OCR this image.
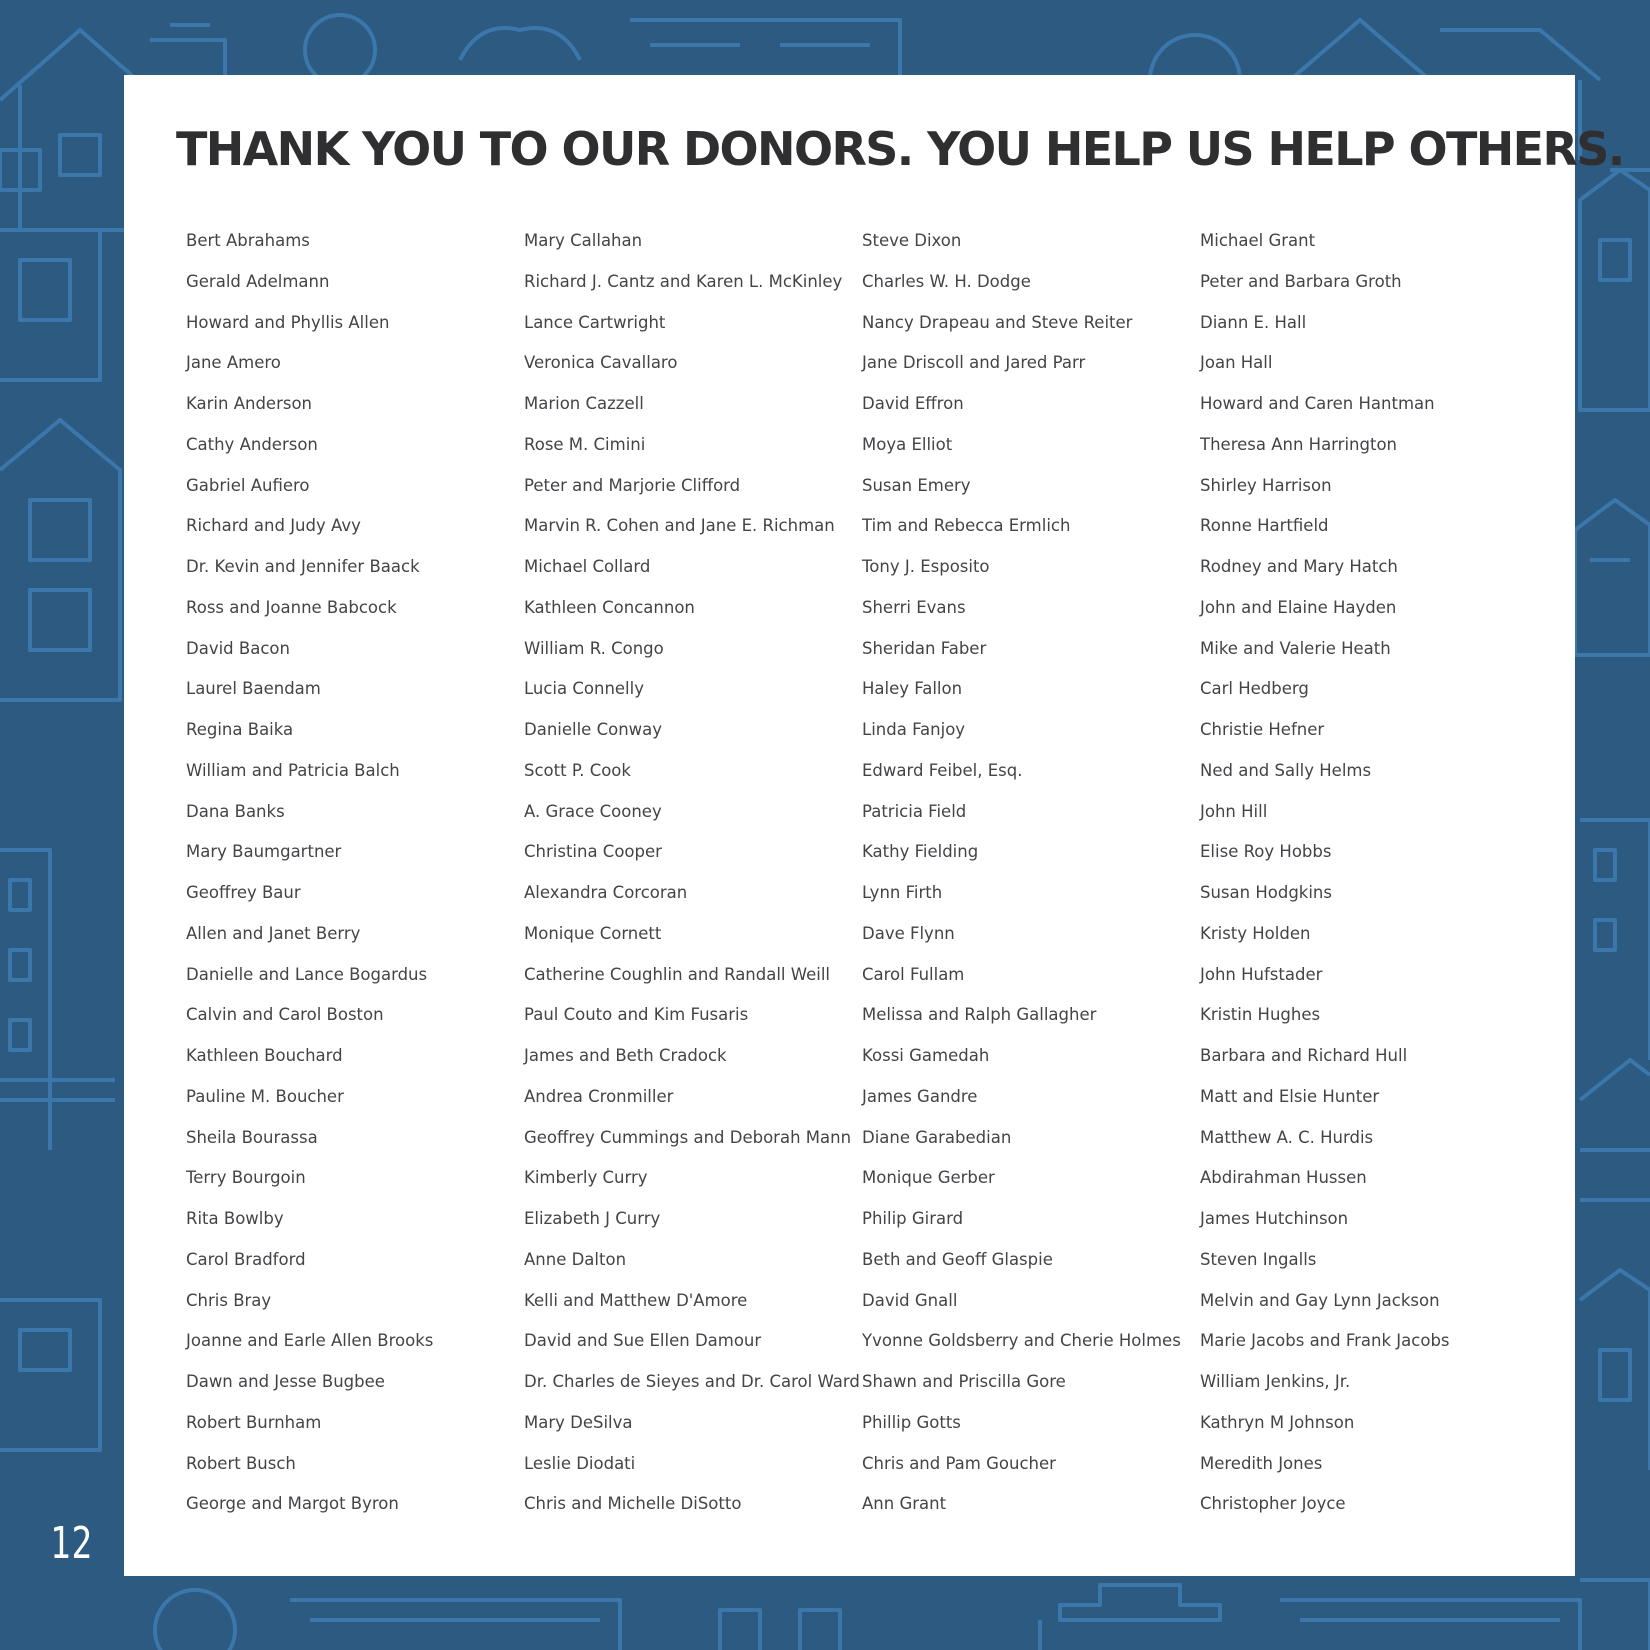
THANK YOU TO OUR DONORS. YOU HELP US HELP OTHERS.
Bert Abrahams
Gerald Adelmann
Howard and Phyllis Allen
Jane Amero
Karin Anderson
Cathy Anderson
Gabriel Aufiero
Richard and Judy Avy
Dr. Kevin and Jennifer Baack
Ross and Joanne Babcock
David Bacon
Laurel Baendam
Regina Baika
William and Patricia Balch
Dana Banks
Mary Baumgartner
Geoffrey Baur
Allen and Janet Berry
Danielle and Lance Bogardus
Calvin and Carol Boston
Kathleen Bouchard
Pauline M. Boucher
Sheila Bourassa
Terry Bourgoin
Rita Bowlby
Carol Bradford
Chris Bray
Joanne and Earle Allen Brooks
Dawn and Jesse Bugbee
Robert Burnham
Robert Busch
George and Margot Byron
Mary Callahan
Richard J. Cantz and Karen L. McKinley
Lance Cartwright
Veronica Cavallaro
Marion Cazzell
Rose M. Cimini
Peter and Marjorie Clifford
Marvin R. Cohen and Jane E. Richman
Michael Collard
Kathleen Concannon
William R. Congo
Lucia Connelly
Danielle Conway
Scott P. Cook
A. Grace Cooney
Christina Cooper
Alexandra Corcoran
Monique Cornett
Catherine Coughlin and Randall Weill
Paul Couto and Kim Fusaris
James and Beth Cradock
Andrea Cronmiller
Geoffrey Cummings and Deborah Mann
Kimberly Curry
Elizabeth J Curry
Anne Dalton
Kelli and Matthew D'Amore
David and Sue Ellen Damour
Dr. Charles de Sieyes and Dr. Carol Ward
Mary DeSilva
Leslie Diodati
Chris and Michelle DiSotto
Steve Dixon
Charles W. H. Dodge
Nancy Drapeau and Steve Reiter
Jane Driscoll and Jared Parr
David Effron
Moya Elliot
Susan Emery
Tim and Rebecca Ermlich
Tony J. Esposito
Sherri Evans
Sheridan Faber
Haley Fallon
Linda Fanjoy
Edward Feibel, Esq.
Patricia Field
Kathy Fielding
Lynn Firth
Dave Flynn
Carol Fullam
Melissa and Ralph Gallagher
Kossi Gamedah
James Gandre
Diane Garabedian
Monique Gerber
Philip Girard
Beth and Geoff Glaspie
David Gnall
Yvonne Goldsberry and Cherie Holmes
Shawn and Priscilla Gore
Phillip Gotts
Chris and Pam Goucher
Ann Grant
Michael Grant
Peter and Barbara Groth
Diann E. Hall
Joan Hall
Howard and Caren Hantman
Theresa Ann Harrington
Shirley Harrison
Ronne Hartfield
Rodney and Mary Hatch
John and Elaine Hayden
Mike and Valerie Heath
Carl Hedberg
Christie Hefner
Ned and Sally Helms
John Hill
Elise Roy Hobbs
Susan Hodgkins
Kristy Holden
John Hufstader
Kristin Hughes
Barbara and Richard Hull
Matt and Elsie Hunter
Matthew A. C. Hurdis
Abdirahman Hussen
James Hutchinson
Steven Ingalls
Melvin and Gay Lynn Jackson
Marie Jacobs and Frank Jacobs
William Jenkins, Jr.
Kathryn M Johnson
Meredith Jones
Christopher Joyce
12
